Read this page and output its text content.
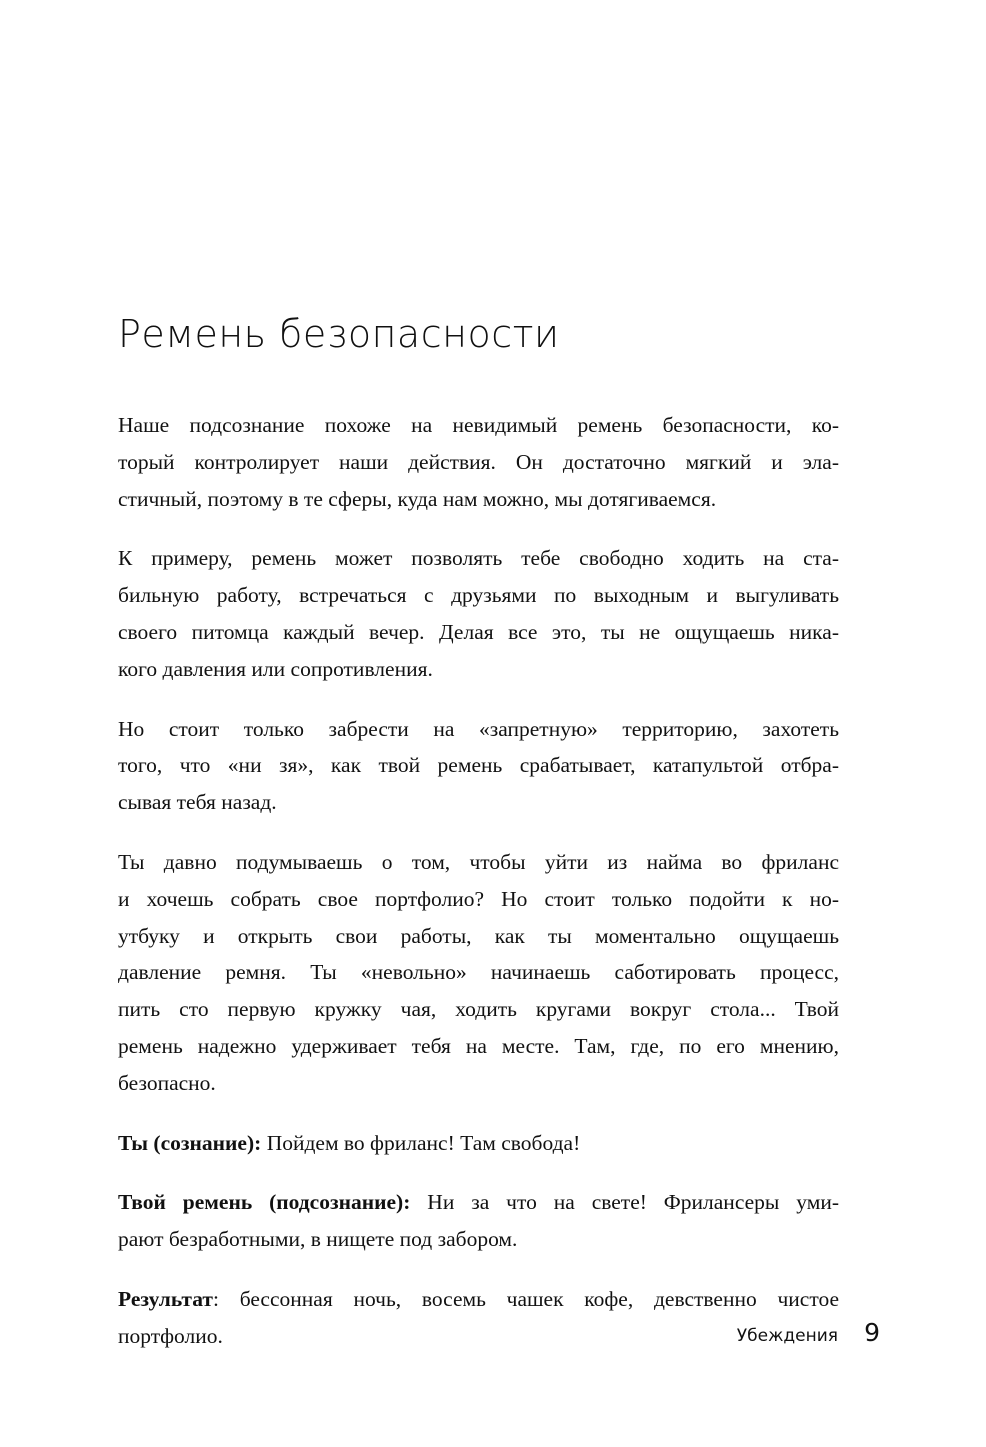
Ремень безопасности

Наше подсознание похоже на невидимый ремень безопасности, ко-
торый контролирует наши действия. Он достаточно мягкий и эла-
стичный, поэтому в те сферы, куда нам можно, мы дотягиваемся.

К примеру, ремень может позволять тебе свободно ходить на ста-
бильную работу, встречаться с друзьями по выходным и выгуливать
своего питомца каждый вечер. Делая все это, ты не ощущаешь ника-
кого давления или сопротивления.

Но стоит только забрести на «запретную» территорию, захотеть
того, что «ни зя», как твой ремень срабатывает, катапультой отбра-
сывая тебя назад.

Ты давно подумываешь о том, чтобы уйти из найма во фриланс
и хочешь собрать свое портфолио? Но стоит только подойти к но-
утбуку и открыть свои работы, как ты моментально ощущаешь
давление ремня. Ты «невольно» начинаешь саботировать процесс,
пить сто первую кружку чая, ходить кругами вокруг стола... Твой
ремень надежно удерживает тебя на месте. Там, где, по его мнению,
безопасно.

Ты (сознание): Пойдем во фриланс! Там свобода!

Твой ремень (подсознание): Ни за что на свете! Фрилансеры уми-
рают безработными, в нищете под забором.

Результат: бессонная ночь, восемь чашек кофе, девственно чистое
портфолио.	Убеждения 9
